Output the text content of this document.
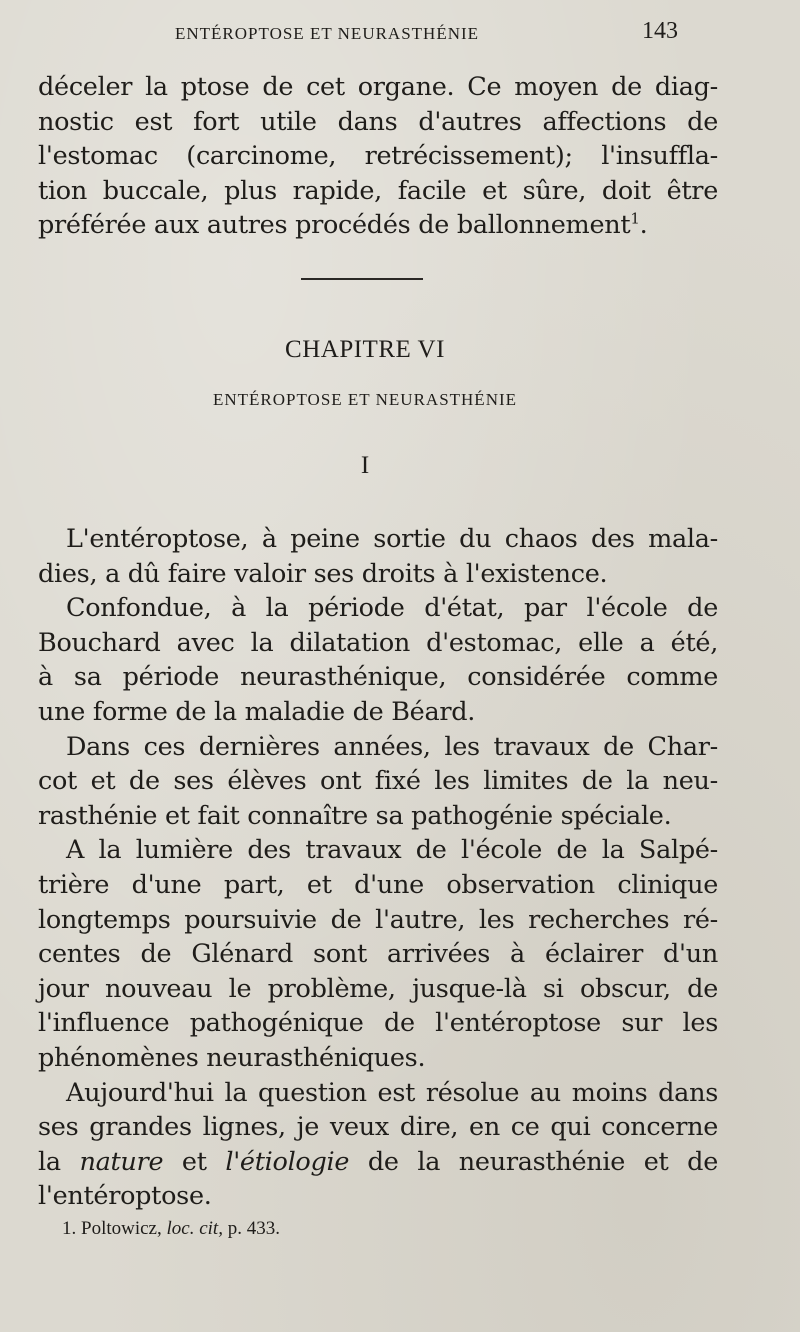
ENTÉROPTOSE ET NEURASTHÉNIE	143
déceler la ptose de cet organe. Ce moyen de diag-
nostic est fort utile dans d'autres affections de
l'estomac (carcinome, retrécissement); l'insuffla-
tion buccale, plus rapide, facile et sûre, doit être
préférée aux autres procédés de ballonnement$^1$.
CHAPITRE VI
ENTÉROPTOSE ET NEURASTHÉNIE
I
L'entéroptose, à peine sortie du chaos des mala-
dies, a dû faire valoir ses droits à l'existence.
Confondue, à la période d'état, par l'école de
Bouchard avec la dilatation d'estomac, elle a été,
à sa période neurasthénique, considérée comme
une forme de la maladie de Béard.
Dans ces dernières années, les travaux de Char-
cot et de ses élèves ont fixé les limites de la neu-
rasthénie et fait connaître sa pathogénie spéciale.
A la lumière des travaux de l'école de la Salpé-
trière d'une part, et d'une observation clinique
longtemps poursuivie de l'autre, les recherches ré-
centes de Glénard sont arrivées à éclairer d'un
jour nouveau le problème, jusque-là si obscur, de
l'influence pathogénique de l'entéroptose sur les
phénomènes neurasthéniques.
Aujourd'hui la question est résolue au moins dans
ses grandes lignes, je veux dire, en ce qui concerne
la nature et l'étiologie de la neurasthénie et de
l'entéroptose.
1. Poltowicz, loc. cit, p. 433.
